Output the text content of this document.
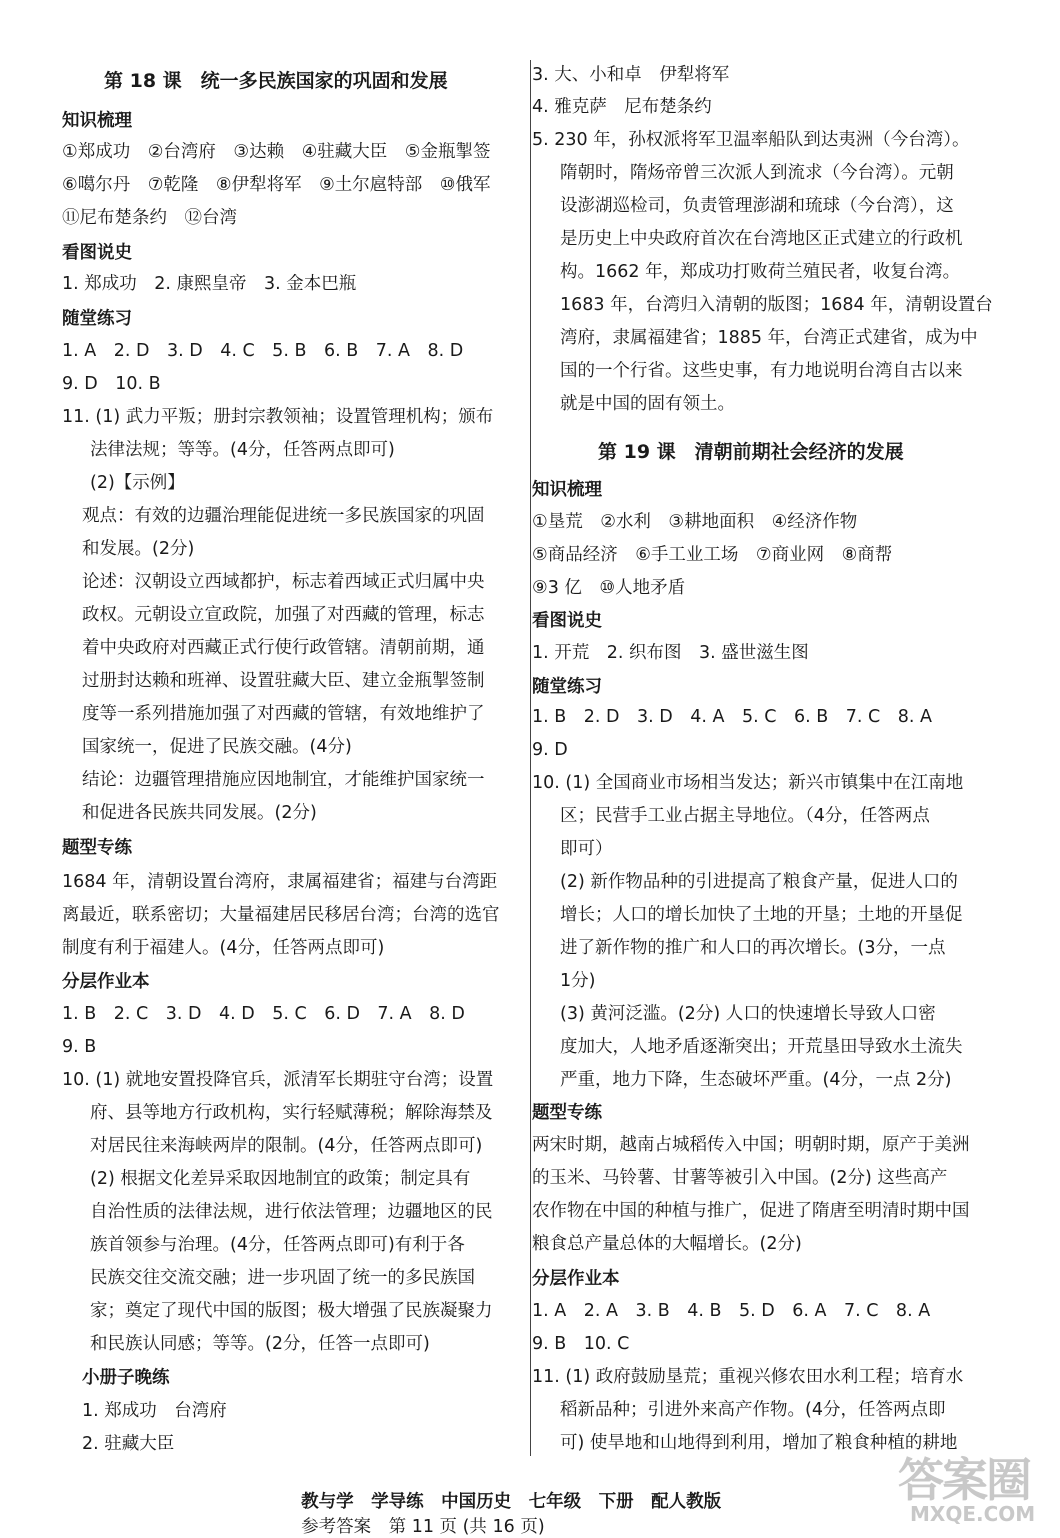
第 18 课　统一多民族国家的巩固和发展
知识梳理
①郑成功　②台湾府　③达赖　④驻藏大臣　⑤金瓶掣签
⑥噶尔丹　⑦乾隆　⑧伊犁将军　⑨土尔扈特部　⑩俄军
⑪尼布楚条约　⑫台湾
看图说史
1. 郑成功　2. 康熙皇帝　3. 金本巴瓶
随堂练习
1. A　2. D　3. D　4. C　5. B　6. B　7. A　8. D
9. D　10. B
11. (1) 武力平叛；册封宗教领袖；设置管理机构；颁布
法律法规；等等。(4分，任答两点即可)
(2)【示例】
观点：有效的边疆治理能促进统一多民族国家的巩固
和发展。(2分)
论述：汉朝设立西域都护，标志着西域正式归属中央
政权。元朝设立宣政院，加强了对西藏的管理，标志
着中央政府对西藏正式行使行政管辖。清朝前期，通
过册封达赖和班禅、设置驻藏大臣、建立金瓶掣签制
度等一系列措施加强了对西藏的管辖，有效地维护了
国家统一，促进了民族交融。(4分)
结论：边疆管理措施应因地制宜，才能维护国家统一
和促进各民族共同发展。(2分)
题型专练
1684 年，清朝设置台湾府，隶属福建省；福建与台湾距
离最近，联系密切；大量福建居民移居台湾；台湾的选官
制度有利于福建人。(4分，任答两点即可)
分层作业本
1. B　2. C　3. D　4. D　5. C　6. D　7. A　8. D
9. B
10. (1) 就地安置投降官兵，派清军长期驻守台湾；设置
府、县等地方行政机构，实行轻赋薄税；解除海禁及
对居民往来海峡两岸的限制。(4分，任答两点即可)
(2) 根据文化差异采取因地制宜的政策；制定具有
自治性质的法律法规，进行依法管理；边疆地区的民
族首领参与治理。(4分，任答两点即可)有利于各
民族交往交流交融；进一步巩固了统一的多民族国
家；奠定了现代中国的版图；极大增强了民族凝聚力
和民族认同感；等等。(2分，任答一点即可)
小册子晚练
1. 郑成功　台湾府
2. 驻藏大臣
3. 大、小和卓　伊犁将军
4. 雅克萨　尼布楚条约
5. 230 年，孙权派将军卫温率船队到达夷洲（今台湾）。
隋朝时，隋炀帝曾三次派人到流求（今台湾）。元朝
设澎湖巡检司，负责管理澎湖和琉球（今台湾），这
是历史上中央政府首次在台湾地区正式建立的行政机
构。1662 年，郑成功打败荷兰殖民者，收复台湾。
1683 年，台湾归入清朝的版图；1684 年，清朝设置台
湾府，隶属福建省；1885 年，台湾正式建省，成为中
国的一个行省。这些史事，有力地说明台湾自古以来
就是中国的固有领土。
第 19 课　清朝前期社会经济的发展
知识梳理
①垦荒　②水利　③耕地面积　④经济作物
⑤商品经济　⑥手工业工场　⑦商业网　⑧商帮
⑨3 亿　⑩人地矛盾
看图说史
1. 开荒　2. 织布图　3. 盛世滋生图
随堂练习
1. B　2. D　3. D　4. A　5. C　6. B　7. C　8. A
9. D
10. (1) 全国商业市场相当发达；新兴市镇集中在江南地
区；民营手工业占据主导地位。（4分，任答两点
即可）
(2) 新作物品种的引进提高了粮食产量，促进人口的
增长；人口的增长加快了土地的开垦；土地的开垦促
进了新作物的推广和人口的再次增长。(3分，一点
1分)
(3) 黄河泛滥。(2分) 人口的快速增长导致人口密
度加大，人地矛盾逐渐突出；开荒垦田导致水土流失
严重，地力下降，生态破坏严重。(4分，一点 2分)
题型专练
两宋时期，越南占城稻传入中国；明朝时期，原产于美洲
的玉米、马铃薯、甘薯等被引入中国。(2分) 这些高产
农作物在中国的种植与推广，促进了隋唐至明清时期中国
粮食总产量总体的大幅增长。(2分)
分层作业本
1. A　2. A　3. B　4. B　5. D　6. A　7. C　8. A
9. B　10. C
11. (1) 政府鼓励垦荒；重视兴修农田水利工程；培育水
稻新品种；引进外来高产作物。(4分，任答两点即
可) 使旱地和山地得到利用，增加了粮食种植的耕地

教与学　学导练　中国历史　七年级　下册　配人教版
参考答案　第 11 页 (共 16 页)

答案圈
MXQE.COM
